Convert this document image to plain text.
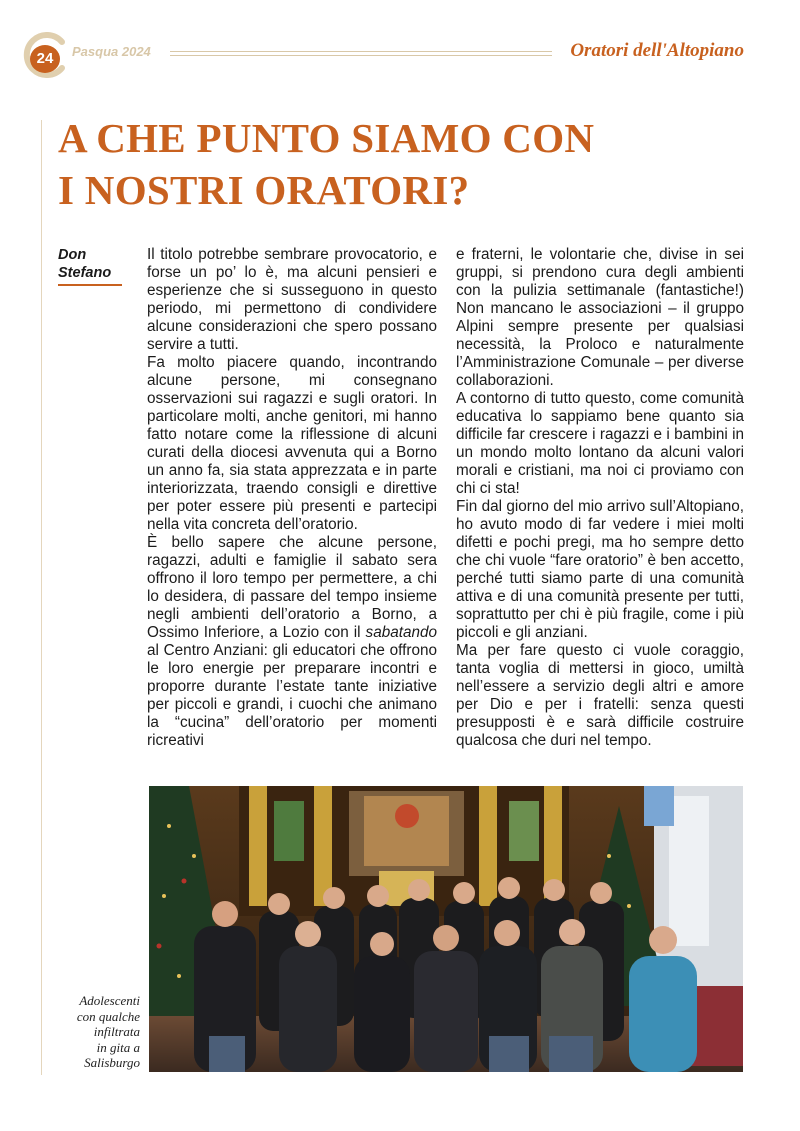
24	Pasqua 2024	Oratori dell'Altopiano
A CHE PUNTO SIAMO CON
I NOSTRI ORATORI?
Don
Stefano

Il titolo potrebbe sembrare provocatorio, e forse un po’ lo è, ma alcuni pensieri e esperienze che si susseguono in questo periodo, mi permettono di condividere alcune considerazioni che spero possano servire a tutti.

Fa molto piacere quando, incontrando alcune persone, mi consegnano osservazioni sui ragazzi e sugli oratori. In particolare molti, anche genitori, mi hanno fatto notare come la riflessione di alcuni curati della diocesi avvenuta qui a Borno un anno fa, sia stata apprezzata e in parte interiorizzata, traendo consigli e direttive per poter essere più presenti e partecipi nella vita concreta dell’oratorio.

È bello sapere che alcune persone, ragazzi, adulti e famiglie il sabato sera offrono il loro tempo per permettere, a chi lo desidera, di passare del tempo insieme negli ambienti dell’oratorio a Borno, a Ossimo Inferiore, a Lozio con il sabatando al Centro Anziani: gli educatori che offrono le loro energie per preparare incontri e proporre durante l’estate tante iniziative per piccoli e grandi, i cuochi che animano la “cucina” dell’oratorio per momenti ricreativi

e fraterni, le volontarie che, divise in sei gruppi, si prendono cura degli ambienti con la pulizia settimanale (fantastiche!) Non mancano le associazioni – il gruppo Alpini sempre presente per qualsiasi necessità, la Proloco e naturalmente l’Amministrazione Comunale – per diverse collaborazioni.

A contorno di tutto questo, come comunità educativa lo sappiamo bene quanto sia difficile far crescere i ragazzi e i bambini in un mondo molto lontano da alcuni valori morali e cristiani, ma noi ci proviamo con chi ci sta!

Fin dal giorno del mio arrivo sull’Altopiano, ho avuto modo di far vedere i miei molti difetti e pochi pregi, ma ho sempre detto che chi vuole “fare oratorio” è ben accetto, perché tutti siamo parte di una comunità attiva e di una comunità presente per tutti, soprattutto per chi è più fragile, come i più piccoli e gli anziani.

Ma per fare questo ci vuole coraggio, tanta voglia di mettersi in gioco, umiltà nell’essere a servizio degli altri e amore per Dio e per i fratelli: senza questi presupposti è e sarà difficile costruire qualcosa che duri nel tempo.

Adolescenti
con qualche
infiltrata
in gita a
Salisburgo
